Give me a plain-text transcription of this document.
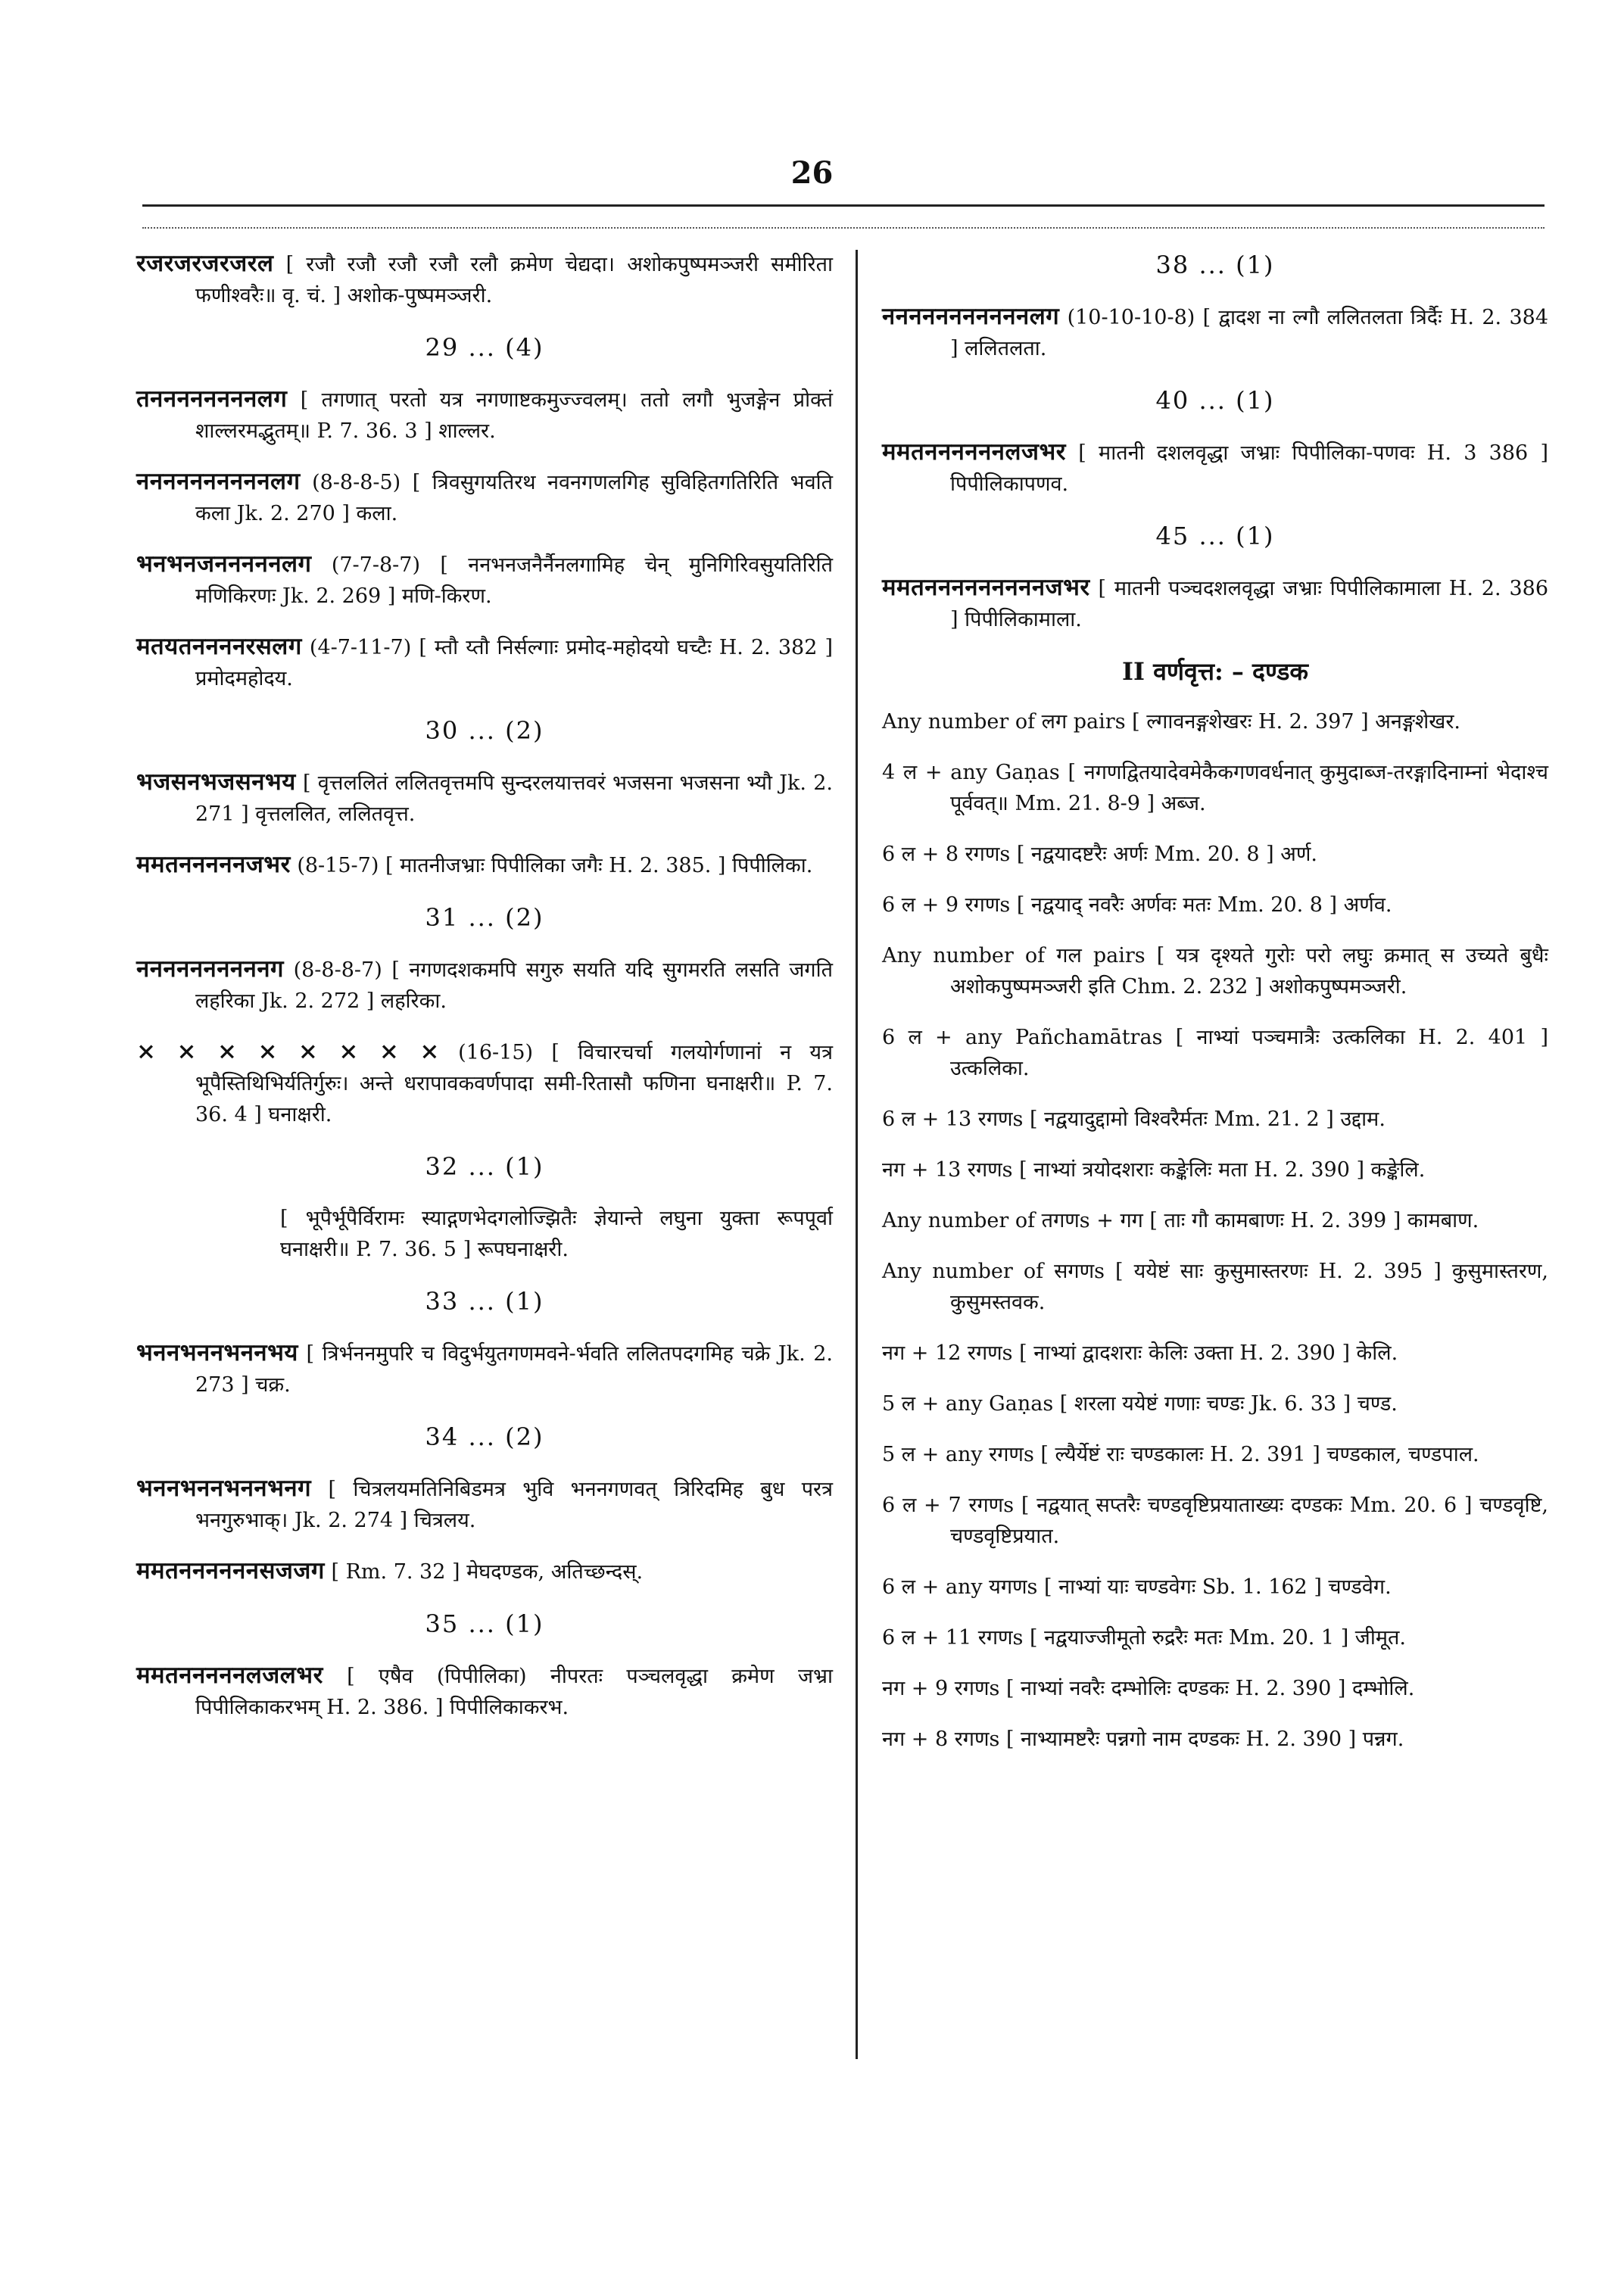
26
रजरजरजरजरल [ रजौ रजौ रजौ रजौ रलौ क्रमेण चेद्यदा। अशोकपुष्पमञ्जरी समीरिता फणीश्वरैः॥ वृ. चं. ] अशोक-पुष्पमञ्जरी.
29 ... (4)
तननननननननलग [ तगणात् परतो यत्र नगणाष्टकमुज्ज्वलम्। ततो लगौ भुजङ्गेन प्रोक्तं शाल्लरमद्भुतम्॥ P. 7. 36. 3 ] शाल्लर.
ननननननननननलग (8-8-8-5) [ त्रिवसुगयतिरथ नवनगणलगिह सुविहितगतिरिति भवति कला Jk. 2. 270 ] कला.
भनभनजनननननलग (7-7-8-7) [ ननभनजनैर्नैनलगामिह चेन् मुनिगिरिवसुयतिरिति मणिकिरणः Jk. 2. 269 ] मणि-किरण.
मतयतननननरसलग (4-7-11-7) [ म्तौ य्तौ निर्सल्गाः प्रमोद-महोदयो घच्टैः H. 2. 382 ] प्रमोदमहोदय.
30 ... (2)
भजसनभजसनभय [ वृत्तललितं ललितवृत्तमपि सुन्दरलयात्तवरं भजसना भजसना भ्यौ Jk. 2. 271 ] वृत्तललित, ललितवृत्त.
ममतनननननजभर (8-15-7) [ मातनीजभ्राः पिपीलिका जगैः H. 2. 385. ] पिपीलिका.
31 ... (2)
ननननननननननग (8-8-8-7) [ नगणदशकमपि सगुरु सयति यदि सुगमरति लसति जगति लहरिका Jk. 2. 272 ] लहरिका.
× × × × × × × × (16-15) [ विचारचर्चा गलयोर्गणानां न यत्र भूपैस्तिथिभिर्यतिर्गुरुः। अन्ते धरापावकवर्णपादा समी-रितासौ फणिना घनाक्षरी॥ P. 7. 36. 4 ] घनाक्षरी.
32 ... (1)
[ भूपैर्भूपैर्विरामः स्याद्गणभेदगलोज्झितैः ज्ञेयान्ते लघुना युक्ता रूपपूर्वा घनाक्षरी॥ P. 7. 36. 5 ] रूपघनाक्षरी.
33 ... (1)
भननभननभननभय [ त्रिर्भननमुपरि च विदुर्भयुतगणमवने-र्भवति ललितपदगमिह चक्रे Jk. 2. 273 ] चक्र.
34 ... (2)
भननभननभननभनग [ चित्रलयमतिनिबिडमत्र भुवि भननगणवत् त्रिरिदमिह बुध परत्र भनगुरुभाक्। Jk. 2. 274 ] चित्रलय.
ममतननननननसजजग [ Rm. 7. 32 ] मेघदण्डक, अतिच्छन्दस्.
35 ... (1)
ममतनननननलजलभर [ एषैव (पिपीलिका) नीपरतः पञ्चलवृद्धा क्रमेण जभ्रा पिपीलिकाकरभम् H. 2. 386. ] पिपीलिकाकरभ.
38 ... (1)
नननननननननननलग (10-10-10-8) [ द्वादश ना ल्गौ ललितलता त्रिर्दैः H. 2. 384 ] ललितलता.
40 ... (1)
ममतननननननलजभर [ मातनी दशलवृद्धा जभ्राः पिपीलिका-पणवः H. 3 386 ] पिपीलिकापणव.
45 ... (1)
ममतनननननननननजभर [ मातनी पञ्चदशलवृद्धा जभ्राः पिपीलिकामाला H. 2. 386 ] पिपीलिकामाला.
II वर्णवृत्त: – दण्डक
Any number of लग pairs [ ल्गावनङ्गशेखरः H. 2. 397 ] अनङ्गशेखर.
4 ल + any Gaṇas [ नगणद्वितयादेवमेकैकगणवर्धनात् कुमुदाब्ज-तरङ्गादिनाम्नां भेदाश्च पूर्ववत्॥ Mm. 21. 8-9 ] अब्ज.
6 ल + 8 रगणs [ नद्वयादष्टरैः अर्णः Mm. 20. 8 ] अर्ण.
6 ल + 9 रगणs [ नद्वयाद् नवरैः अर्णवः मतः Mm. 20. 8 ] अर्णव.
Any number of गल pairs [ यत्र दृश्यते गुरोः परो लघुः क्रमात् स उच्यते बुधैः अशोकपुष्पमञ्जरी इति Chm. 2. 232 ] अशोकपुष्पमञ्जरी.
6 ल + any Pañchamātras [ नाभ्यां पञ्चमात्रैः उत्कलिका H. 2. 401 ] उत्कलिका.
6 ल + 13 रगणs [ नद्वयादुद्दामो विश्वरैर्मतः Mm. 21. 2 ] उद्दाम.
नग + 13 रगणs [ नाभ्यां त्रयोदशराः कङ्केलिः मता H. 2. 390 ] कङ्केलि.
Any number of तगणs + गग [ ताः गौ कामबाणः H. 2. 399 ] कामबाण.
Any number of सगणs [ ययेष्टं साः कुसुमास्तरणः H. 2. 395 ] कुसुमास्तरण, कुसुमस्तवक.
नग + 12 रगणs [ नाभ्यां द्वादशराः केलिः उक्ता H. 2. 390 ] केलि.
5 ल + any Gaṇas [ शरला ययेष्टं गणाः चण्डः Jk. 6. 33 ] चण्ड.
5 ल + any रगणs [ ल्यैर्येष्टं राः चण्डकालः H. 2. 391 ] चण्डकाल, चण्डपाल.
6 ल + 7 रगणs [ नद्वयात् सप्तरैः चण्डवृष्टिप्रयाताख्यः दण्डकः Mm. 20. 6 ] चण्डवृष्टि, चण्डवृष्टिप्रयात.
6 ल + any यगणs [ नाभ्यां याः चण्डवेगः Sb. 1. 162 ] चण्डवेग.
6 ल + 11 रगणs [ नद्वयाज्जीमूतो रुद्ररैः मतः Mm. 20. 1 ] जीमूत.
नग + 9 रगणs [ नाभ्यां नवरैः दम्भोलिः दण्डकः H. 2. 390 ] दम्भोलि.
नग + 8 रगणs [ नाभ्यामष्टरैः पन्नगो नाम दण्डकः H. 2. 390 ] पन्नग.
